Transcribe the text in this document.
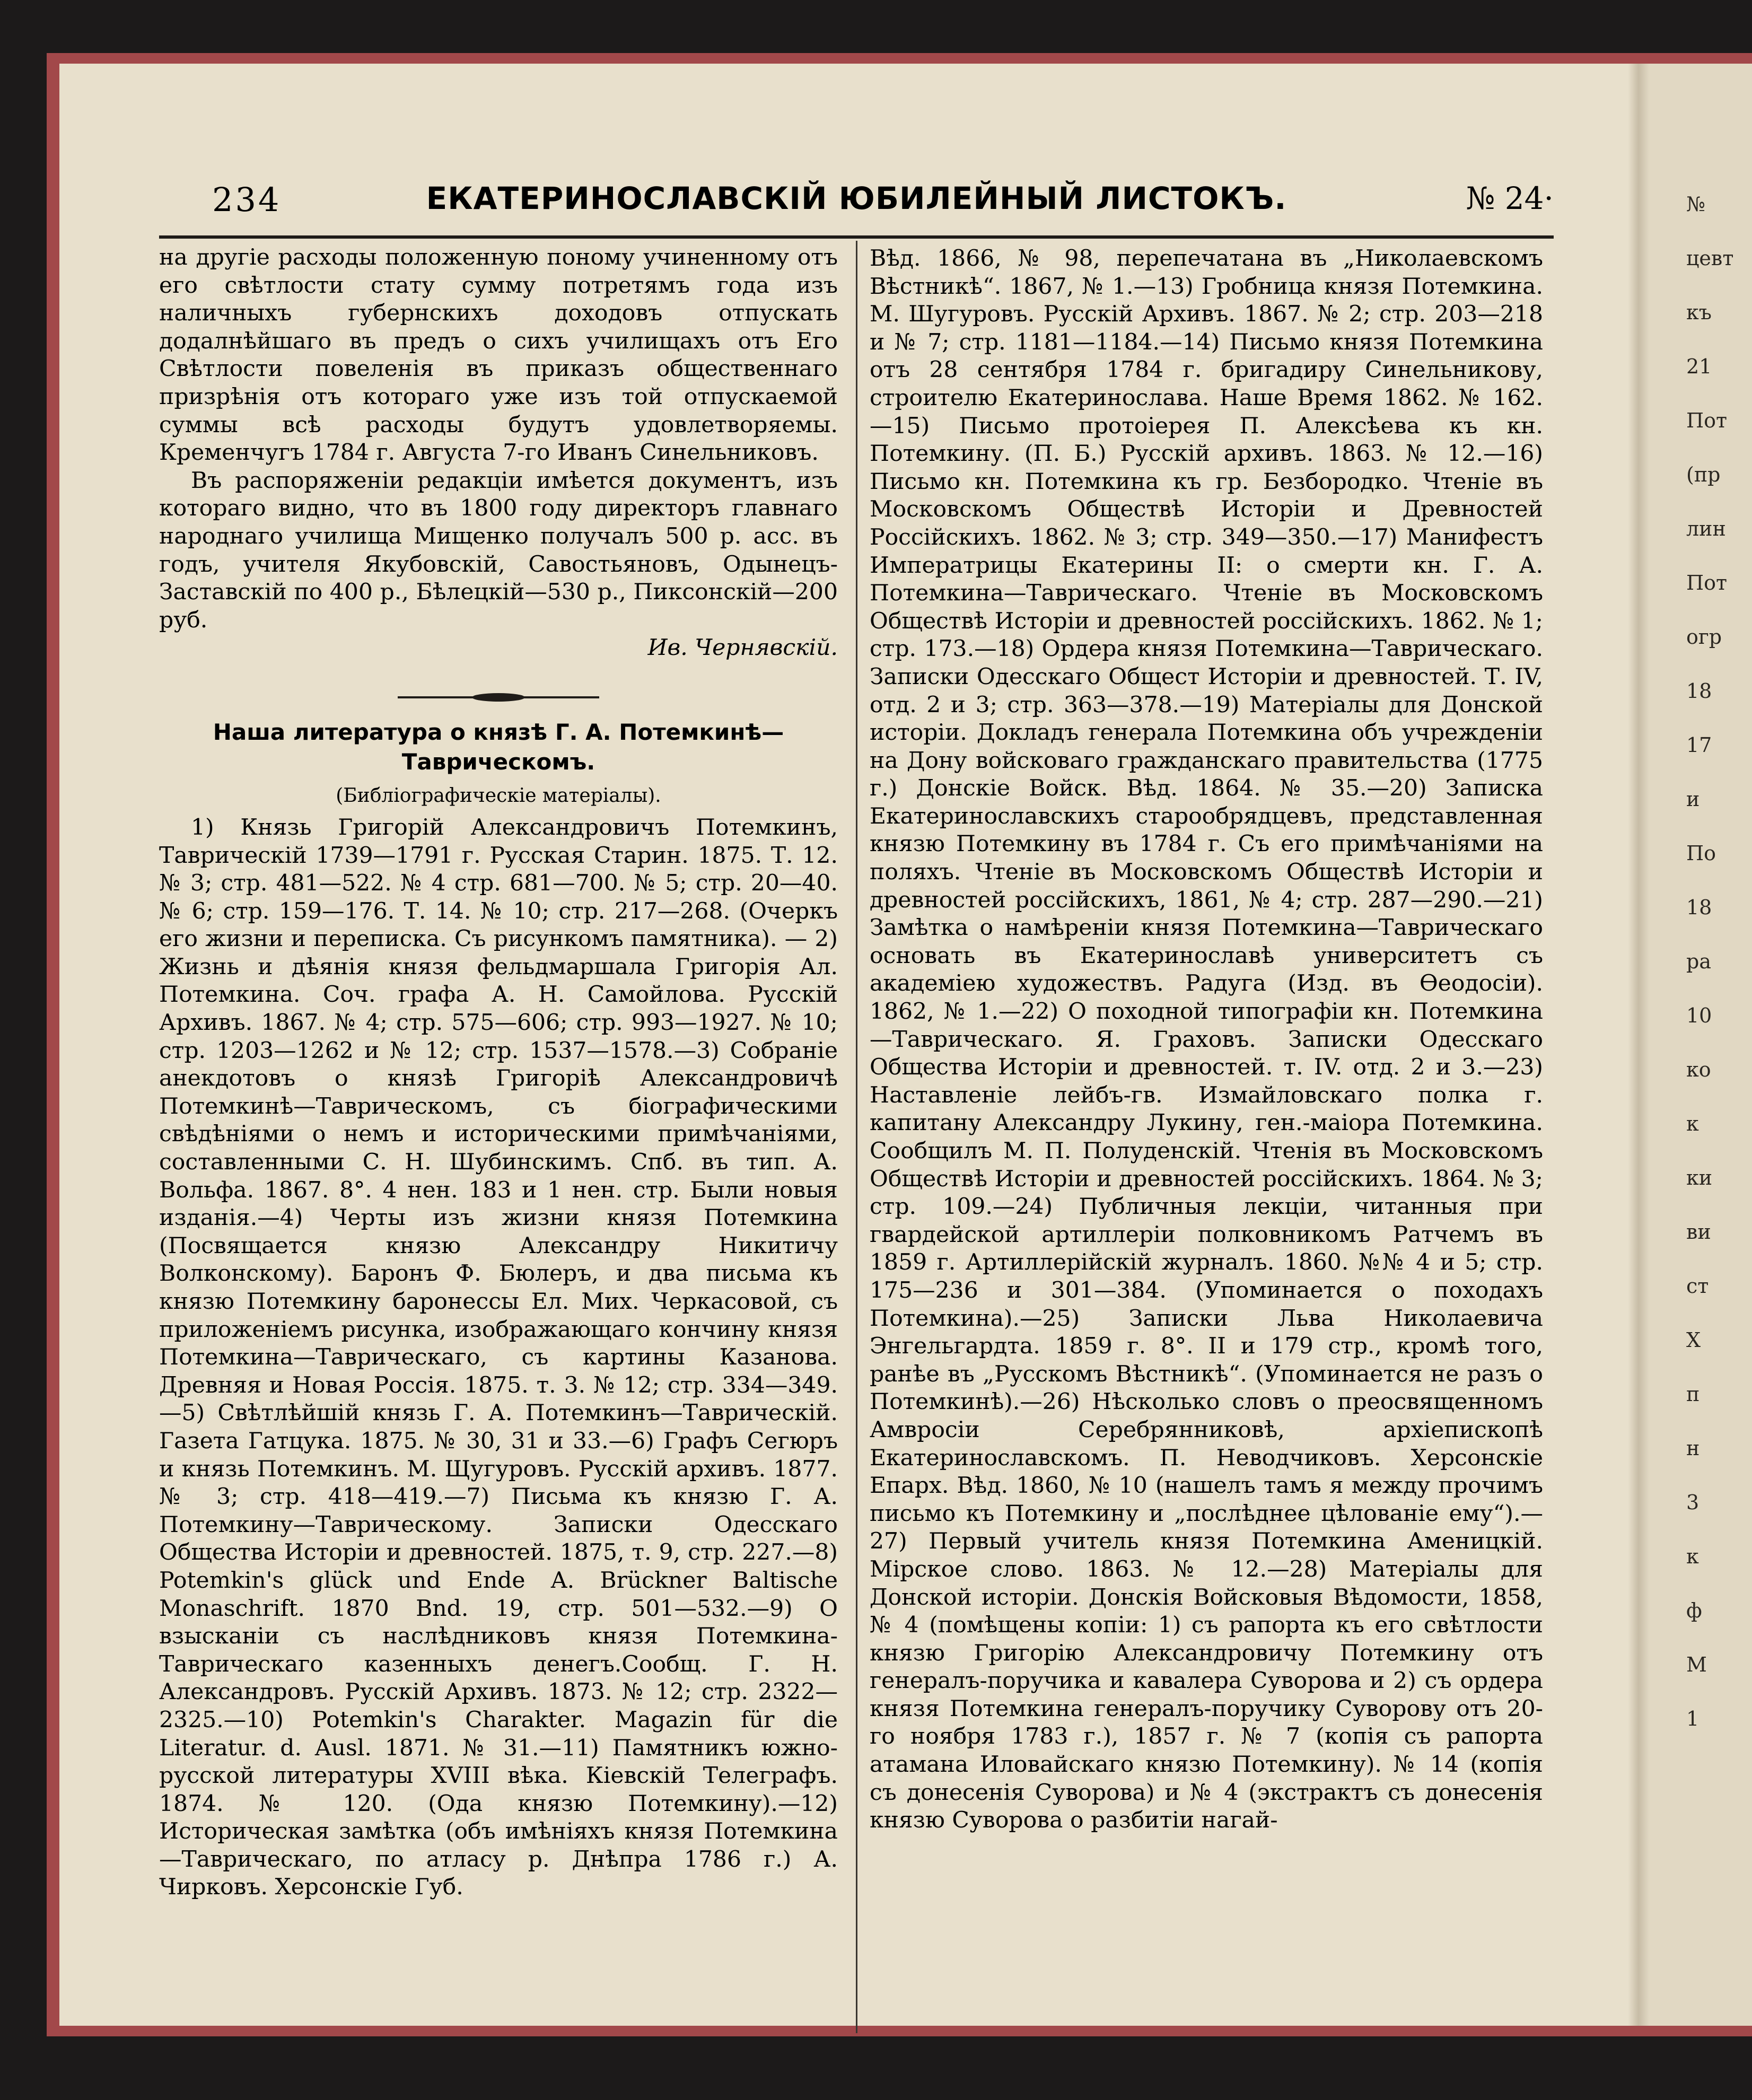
№
цевт
къ
21
Пот
(пр
лин
Пот
огр
18
17
и
По
18
ра
10
ко
к
ки
ви
ст
Х
п
н
3
к
ф
М
1
234	ЕКАТЕРИНОСЛАВСКІЙ ЮБИЛЕЙНЫЙ ЛИСТОКЪ.	№ 24·

на другіе расходы положенную поному учиненному отъ его свѣтлости стату сумму потретямъ года изъ наличныхъ губернскихъ доходовъ отпускать додалнѣйшаго въ предъ о сихъ училищахъ отъ Его Свѣтлости повеленія въ приказъ общественнаго призрѣнія отъ котораго уже изъ той отпускаемой суммы всѣ расходы будутъ удовлетворяемы. Кременчугъ 1784 г. Августа 7-го Иванъ Синельниковъ.

Въ распоряженіи редакціи имѣется документъ, изъ котораго видно, что въ 1800 году директоръ главнаго народнаго училища Мищенко получалъ 500 р. асс. въ годъ, учителя Якубовскій, Савостьяновъ, Одынецъ-Заставскій по 400 р., Бѣлецкій—530 р., Пиксонскій—200 руб.

Ив. Чернявскій.

Наша литература о князѣ Г. А. Потемкинѣ—Таврическомъ.
(Библіографическіе матеріалы).

1) Князь Григорій Александровичъ Потемкинъ, Таврическій 1739—1791 г. Русская Старин. 1875. Т. 12. № 3; стр. 481—522. № 4 стр. 681—700. № 5; стр. 20—40. № 6; стр. 159—176. Т. 14. № 10; стр. 217—268. (Очеркъ его жизни и переписка. Съ рисункомъ памятника). — 2) Жизнь и дѣянія князя фельдмаршала Григорія Ал. Потемкина. Соч. графа А. Н. Самойлова. Русскій Архивъ. 1867. № 4; стр. 575—606; стр. 993—1927. № 10; стр. 1203—1262 и № 12; стр. 1537—1578.—3) Собраніе анекдотовъ о князѣ Григоріѣ Александровичѣ Потемкинѣ—Таврическомъ, съ біографическими свѣдѣніями о немъ и историческими примѣчаніями, составленными С. Н. Шубинскимъ. Спб. въ тип. А. Вольфа. 1867. 8°. 4 нен. 183 и 1 нен. стр. Были новыя изданія.—4) Черты изъ жизни князя Потемкина (Посвящается князю Александру Никитичу Волконскому). Баронъ Ф. Бюлеръ, и два письма къ князю Потемкину баронессы Ел. Мих. Черкасовой, съ приложеніемъ рисунка, изображающаго кончину князя Потемкина—Таврическаго, съ картины Казанова. Древняя и Новая Россія. 1875. т. 3. № 12; стр. 334—349.—5) Свѣтлѣйшій князь Г. А. Потемкинъ—Таврическій. Газета Гатцука. 1875. № 30, 31 и 33.—6) Графъ Сегюръ и князь Потемкинъ. М. Щугуровъ. Русскій архивъ. 1877. № 3; стр. 418—419.—7) Письма къ князю Г. А. Потемкину—Таврическому. Записки Одесскаго Общества Исторіи и древностей. 1875, т. 9, стр. 227.—8) Potemkin's glück und Ende A. Brückner Baltische Monaschrift. 1870 Bnd. 19, стр. 501—532.—9) О взысканіи съ наслѣдниковъ князя Потемкина-Таврическаго казенныхъ денегъ.Сообщ. Г. Н. Александровъ. Русскій Архивъ. 1873. № 12; стр. 2322—2325.—10) Potemkin's Charakter. Magazin für die Literatur. d. Ausl. 1871. № 31.—11) Памятникъ южно-русской литературы XVIII вѣка. Кіевскій Телеграфъ. 1874. № 120. (Ода князю Потемкину).—12) Историческая замѣтка (объ имѣніяхъ князя Потемкина—Таврическаго, по атласу р. Днѣпра 1786 г.) А. Чирковъ. Херсонскіе Губ.

Вѣд. 1866, № 98, перепечатана въ „Николаевскомъ Вѣстникѣ“. 1867, № 1.—13) Гробница князя Потемкина. М. Шугуровъ. Русскій Архивъ. 1867. № 2; стр. 203—218 и № 7; стр. 1181—1184.—14) Письмо князя Потемкина отъ 28 сентября 1784 г. бригадиру Синельникову, строителю Екатеринослава. Наше Время 1862. № 162.—15) Письмо протоіерея П. Алексѣева къ кн. Потемкину. (П. Б.) Русскій архивъ. 1863. № 12.—16) Письмо кн. Потемкина къ гр. Безбородко. Чтеніе въ Московскомъ Обществѣ Исторіи и Древностей Россійскихъ. 1862. № 3; стр. 349—350.—17) Манифестъ Императрицы Екатерины II: о смерти кн. Г. А. Потемкина—Таврическаго. Чтеніе въ Московскомъ Обществѣ Исторіи и древностей россійскихъ. 1862. № 1; стр. 173.—18) Ордера князя Потемкина—Таврическаго. Записки Одесскаго Общест Исторіи и древностей. Т. IV, отд. 2 и 3; стр. 363—378.—19) Матеріалы для Донской исторіи. Докладъ генерала Потемкина объ учрежденіи на Дону войсковаго гражданскаго правительства (1775 г.) Донскіе Войск. Вѣд. 1864. № 35.—20) Записка Екатеринославскихъ старообрядцевъ, представленная князю Потемкину въ 1784 г. Съ его примѣчаніями на поляхъ. Чтеніе въ Московскомъ Обществѣ Исторіи и древностей россійскихъ, 1861, № 4; стр. 287—290.—21) Замѣтка о намѣреніи князя Потемкина—Таврическаго основать въ Екатеринославѣ университетъ съ академіею художествъ. Радуга (Изд. въ Ѳеодосіи). 1862, № 1.—22) О походной типографіи кн. Потемкина—Таврическаго. Я. Граховъ. Записки Одесскаго Общества Исторіи и древностей. т. IV. отд. 2 и 3.—23) Наставленіе лейбъ-гв. Измайловскаго полка г. капитану Александру Лукину, ген.-маіора Потемкина. Сообщилъ М. П. Полуденскій. Чтенія въ Московскомъ Обществѣ Исторіи и древностей россійскихъ. 1864. № 3; стр. 109.—24) Публичныя лекціи, читанныя при гвардейской артиллеріи полковникомъ Ратчемъ въ 1859 г. Артиллерійскій журналъ. 1860. №№ 4 и 5; стр. 175—236 и 301—384. (Упоминается о походахъ Потемкина).—25) Записки Льва Николаевича Энгельгардта. 1859 г. 8°. II и 179 стр., кромѣ того, ранѣе въ „Русскомъ Вѣстникѣ“. (Упоминается не разъ о Потемкинѣ).—26) Нѣсколько словъ о преосвященномъ Амвросіи Серебрянниковѣ, архіепископѣ Екатеринославскомъ. П. Неводчиковъ. Херсонскіе Епарх. Вѣд. 1860, № 10 (нашелъ тамъ я между прочимъ письмо къ Потемкину и „послѣднее цѣлованіе ему“).—27) Первый учитель князя Потемкина Аменицкій. Мірское слово. 1863. № 12.—28) Матеріалы для Донской исторіи. Донскія Войсковыя Вѣдомости, 1858, № 4 (помѣщены копіи: 1) съ рапорта къ его свѣтлости князю Григорію Александровичу Потемкину отъ генералъ-поручика и кавалера Суворова и 2) съ ордера князя Потемкина генералъ-поручику Суворову отъ 20-го ноября 1783 г.), 1857 г. № 7 (копія съ рапорта атамана Иловайскаго князю Потемкину). № 14 (копія съ донесенія Суворова) и № 4 (экстрактъ съ донесенія князю Суворова о разбитіи нагай-
